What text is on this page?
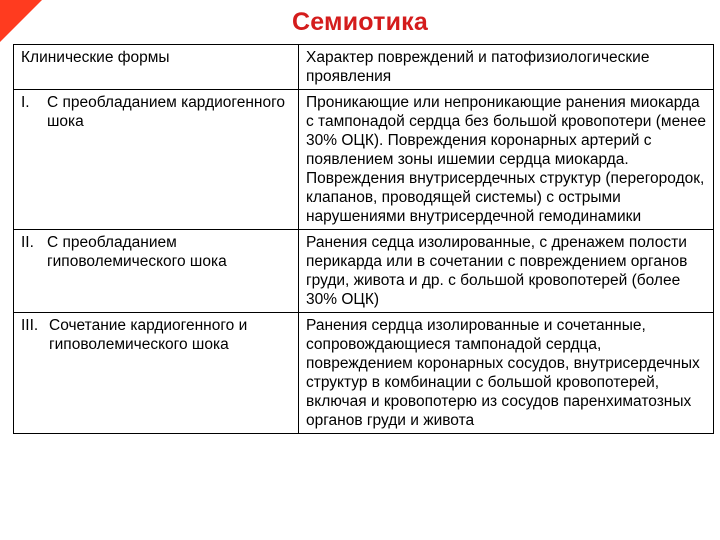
Семиотика
Клинические формы	Характер повреждений и патофизиологические проявления

I. С преобладанием кардиогенного шока	Проникающие или непроникающие ранения миокарда с тампонадой сердца без большой кровопотери (менее 30% ОЦК). Повреждения коронарных артерий с появлением зоны ишемии сердца миокарда. Повреждения внутрисердечных структур (перегородок, клапанов, проводящей системы) с острыми нарушениями внутрисердечной гемодинамики

II. С преобладанием гиповолемического шока	Ранения седца изолированные, с дренажем полости перикарда или в сочетании с повреждением органов груди, живота и др. с большой кровопотерей (более 30% ОЦК)

III. Сочетание кардиогенного и гиповолемического шока	Ранения сердца изолированные и сочетанные, сопровождающиеся тампонадой сердца, повреждением коронарных сосудов, внутрисердечных структур в комбинации с большой кровопотерей, включая и кровопотерю из сосудов паренхиматозных органов груди и живота
